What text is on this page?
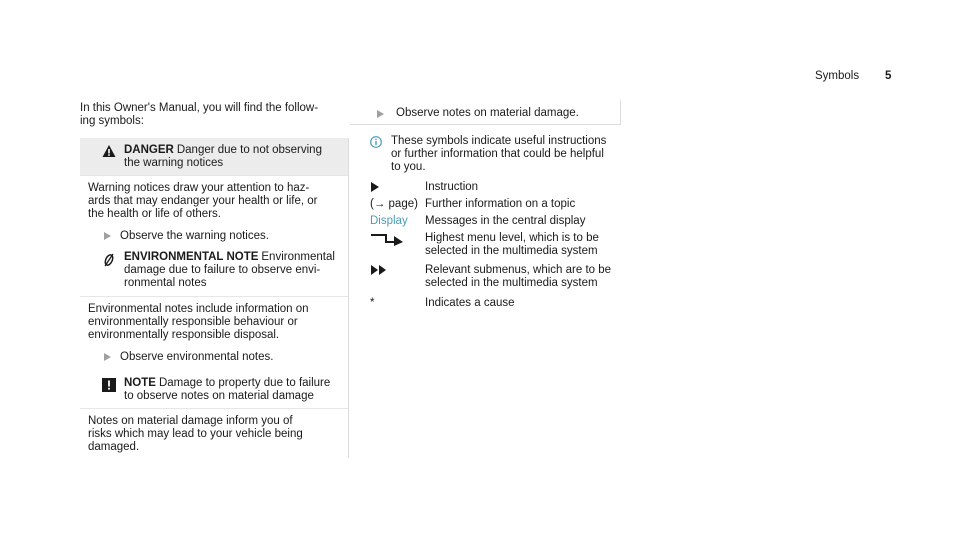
Symbols 5
In this Owner's Manual, you will find the follow-
ing symbols:
DANGER Danger due to not observing
the warning notices
Warning notices draw your attention to haz-
ards that may endanger your health or life, or
the health or life of others.
Observe the warning notices.
ENVIRONMENTAL NOTE Environmental
damage due to failure to observe envi-
ronmental notes
Environmental notes include information on
environmentally responsible behaviour or
environmentally responsible disposal.
Observe environmental notes.
NOTE Damage to property due to failure
to observe notes on material damage
Notes on material damage inform you of
risks which may lead to your vehicle being
damaged.
Observe notes on material damage.
These symbols indicate useful instructions
or further information that could be helpful
to you.
Instruction
(→ page) Further information on a topic
Display	Messages in the central display
Highest menu level, which is to be
selected in the multimedia system
Relevant submenus, which are to be
selected in the multimedia system
*	Indicates a cause
